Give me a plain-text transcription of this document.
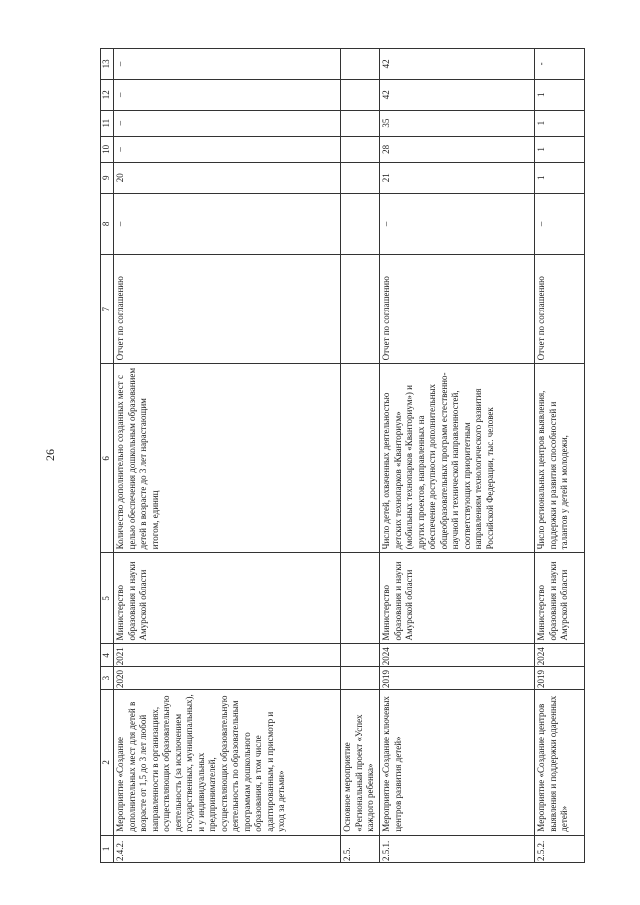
26
1	2	3	4	5	6	7	8	9	10	11	12	13
2.4.2.	Мероприятие «Создание дополнительных мест для детей в возрасте от 1,5 до 3 лет любой направленности в организациях, осуществляющих образовательную деятельность (за исключением государственных, муниципальных), и у индивидуальных предпринимателей, осуществляющих образовательную деятельность по образовательным программам дошкольного образования, в том числе адаптированным, и присмотр и уход за детьми»	2020	2021	Министерство образования и науки Амурской области	Количество дополнительно созданных мест с целью обеспечения дошкольным образованием детей в возрасте до 3 лет нарастающим итогом, единиц	Отчет по соглашению	–	20	–	–	–	–
2.5.	Основное мероприятие «Региональный проект «Успех каждого ребенка»											
2.5.1.	Мероприятие «Создание ключевых центров развития детей»	2019	2024	Министерство образования и науки Амурской области	Число детей, охваченных деятельностью детских технопарков «Кванториум» (мобильных технопарков «Кванториум») и других проектов, направленных на обеспечение доступности дополнительных общеобразовательных программ естественно-научной и технической направленностей, соответствующих приоритетным направлениям технологического развития Российской Федерации, тыс. человек	Отчет по соглашению	–	21	28	35	42	42
2.5.2.	Мероприятие «Создание центров выявления и поддержки одаренных детей»	2019	2024	Министерство образования и науки Амурской области	Число региональных центров выявления, поддержки и развития способностей и талантов у детей и молодежи,	Отчет по соглашению	–	1	1	1	1	-
